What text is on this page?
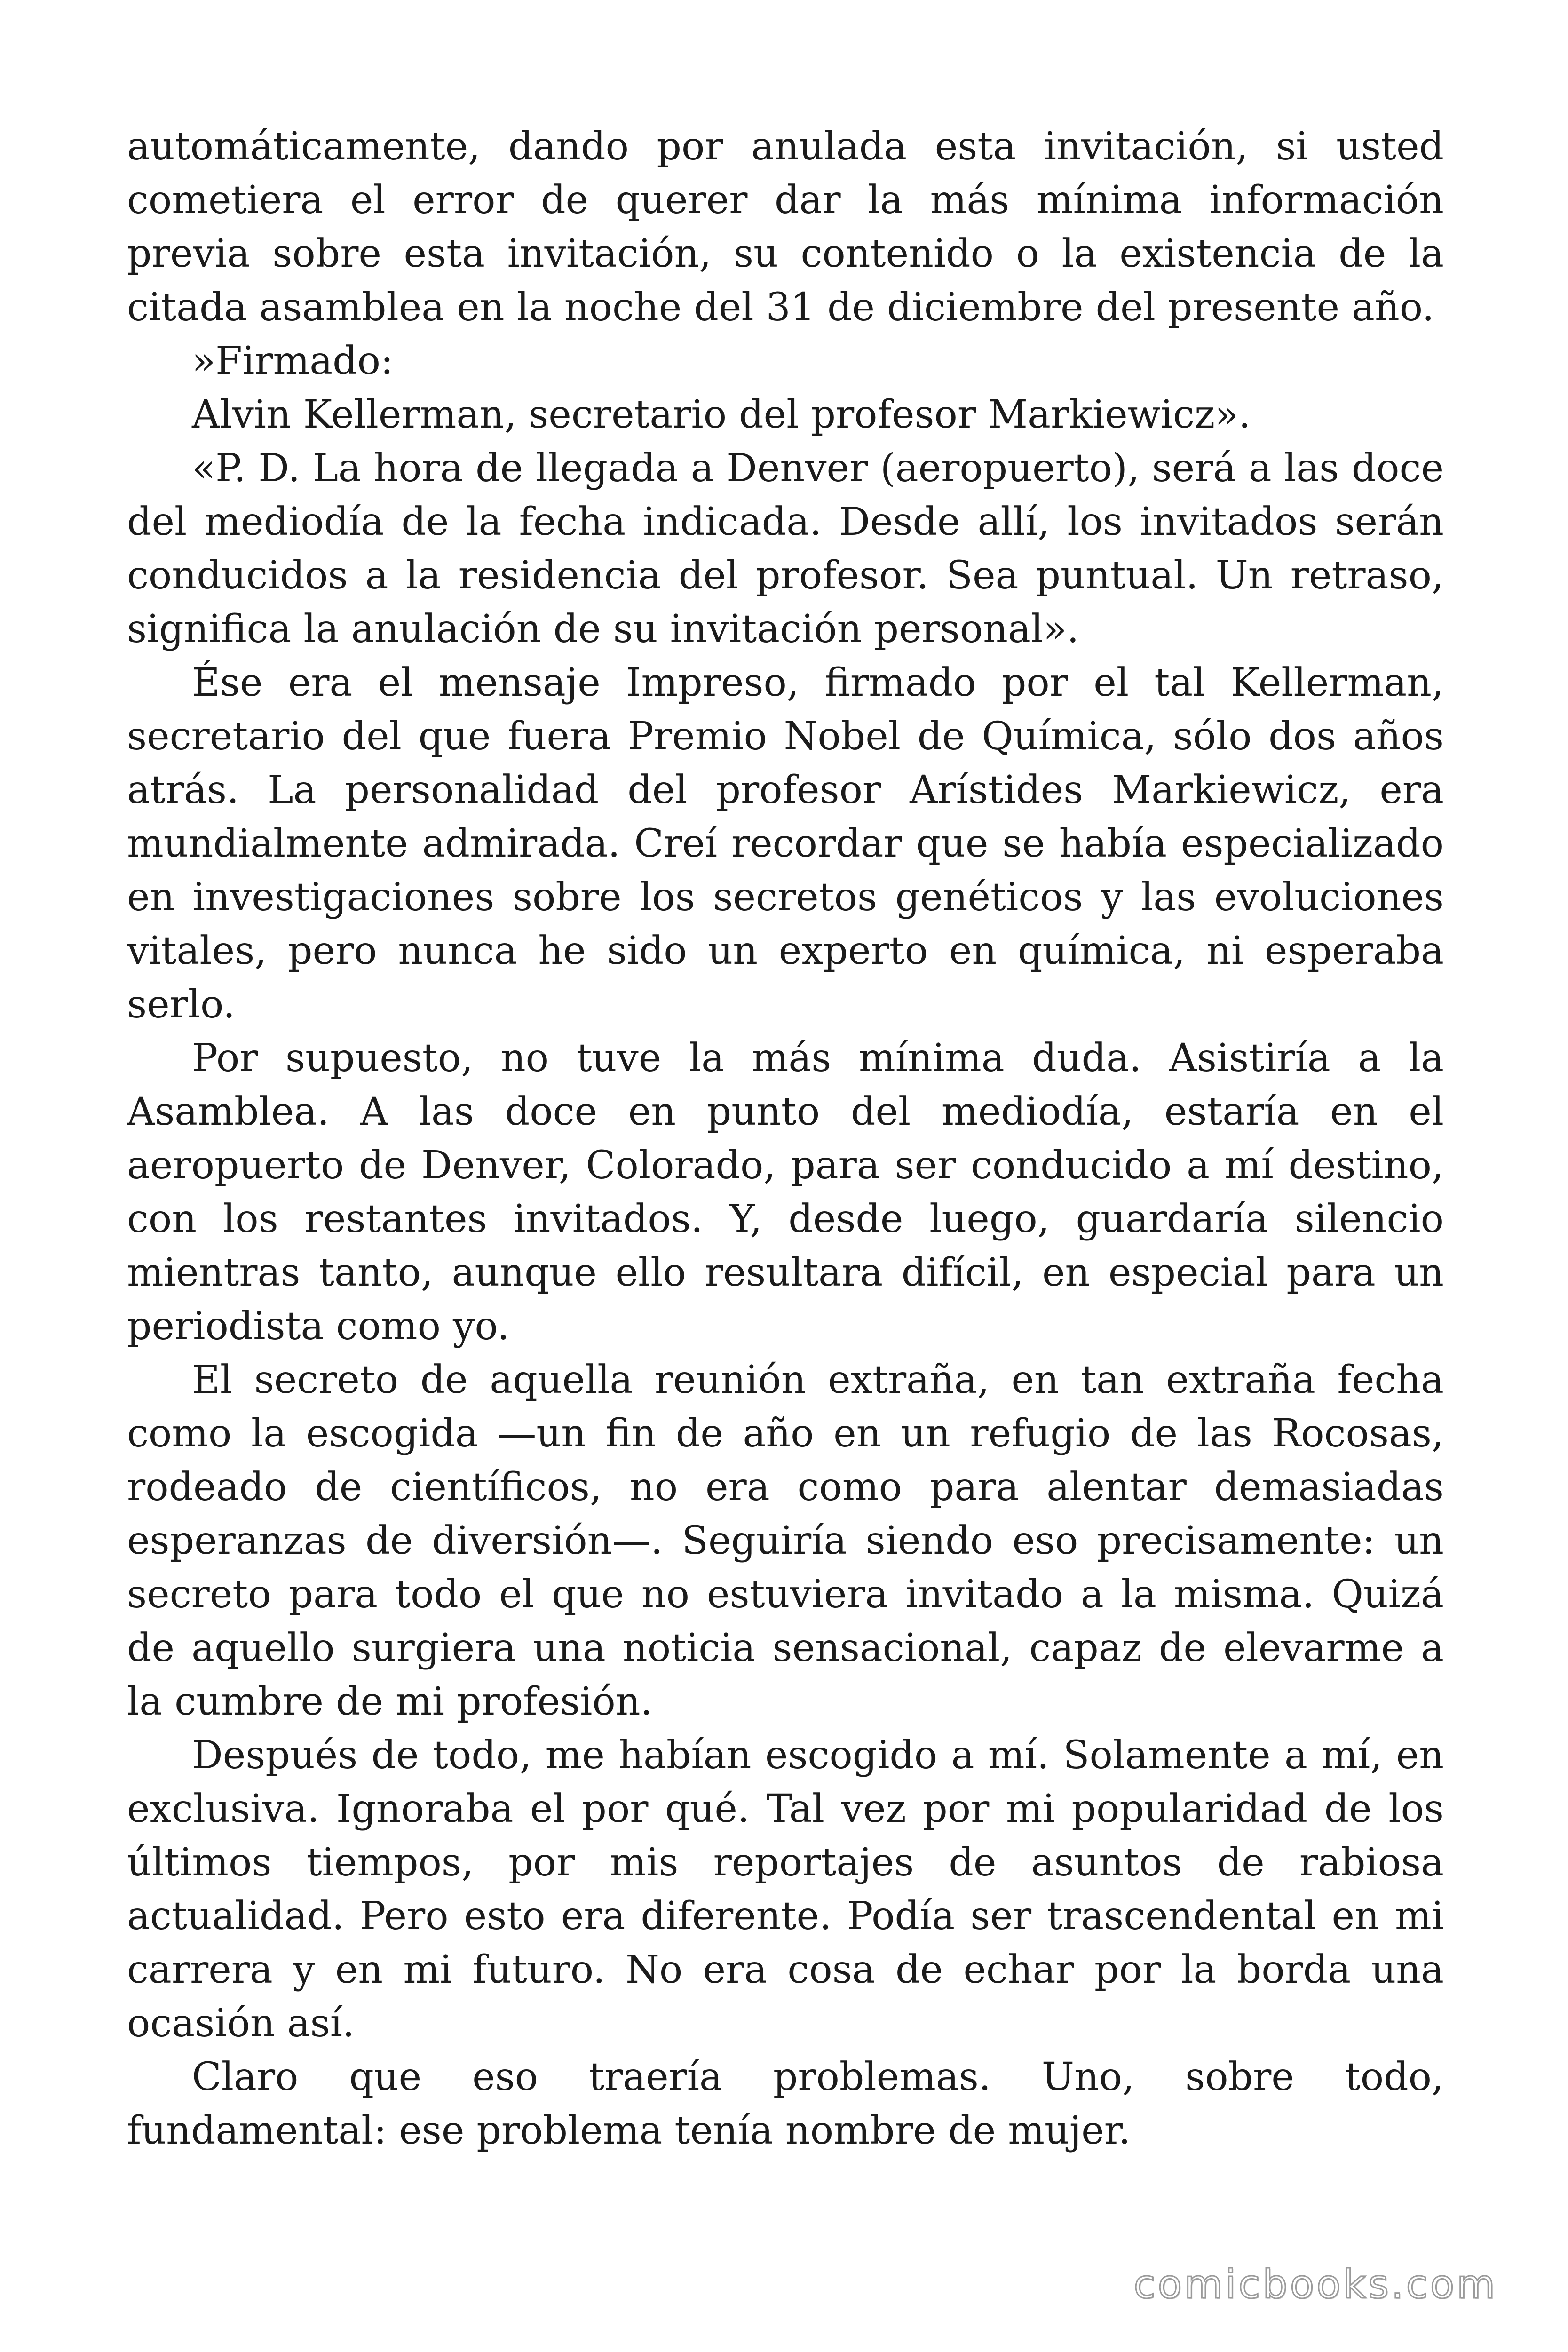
automáticamente, dando por anulada esta invitación, si usted cometiera el error de querer dar la más mínima información previa sobre esta invitación, su contenido o la existencia de la citada asamblea en la noche del 31 de diciembre del presente año.

»Firmado:

Alvin Kellerman, secretario del profesor Markiewicz».

«P. D. La hora de llegada a Denver (aeropuerto), será a las doce del mediodía de la fecha indicada. Desde allí, los invitados serán conducidos a la residencia del profesor. Sea puntual. Un retraso, significa la anulación de su invitación personal».

Ése era el mensaje Impreso, firmado por el tal Kellerman, secretario del que fuera Premio Nobel de Química, sólo dos años atrás. La personalidad del profesor Arístides Markiewicz, era mundialmente admirada. Creí recordar que se había especializado en investigaciones sobre los secretos genéticos y las evoluciones vitales, pero nunca he sido un experto en química, ni esperaba serlo.

Por supuesto, no tuve la más mínima duda. Asistiría a la Asamblea. A las doce en punto del mediodía, estaría en el aeropuerto de Denver, Colorado, para ser conducido a mí destino, con los restantes invitados. Y, desde luego, guardaría silencio mientras tanto, aunque ello resultara difícil, en especial para un periodista como yo.

El secreto de aquella reunión extraña, en tan extraña fecha como la escogida —un fin de año en un refugio de las Rocosas, rodeado de científicos, no era como para alentar demasiadas esperanzas de diversión—. Seguiría siendo eso precisamente: un secreto para todo el que no estuviera invitado a la misma. Quizá de aquello surgiera una noticia sensacional, capaz de elevarme a la cumbre de mi profesión.

Después de todo, me habían escogido a mí. Solamente a mí, en exclusiva. Ignoraba el por qué. Tal vez por mi popularidad de los últimos tiempos, por mis reportajes de asuntos de rabiosa actualidad. Pero esto era diferente. Podía ser trascendental en mi carrera y en mi futuro. No era cosa de echar por la borda una ocasión así.

Claro que eso traería problemas. Uno, sobre todo, fundamental: ese problema tenía nombre de mujer.

comicbooks.com
